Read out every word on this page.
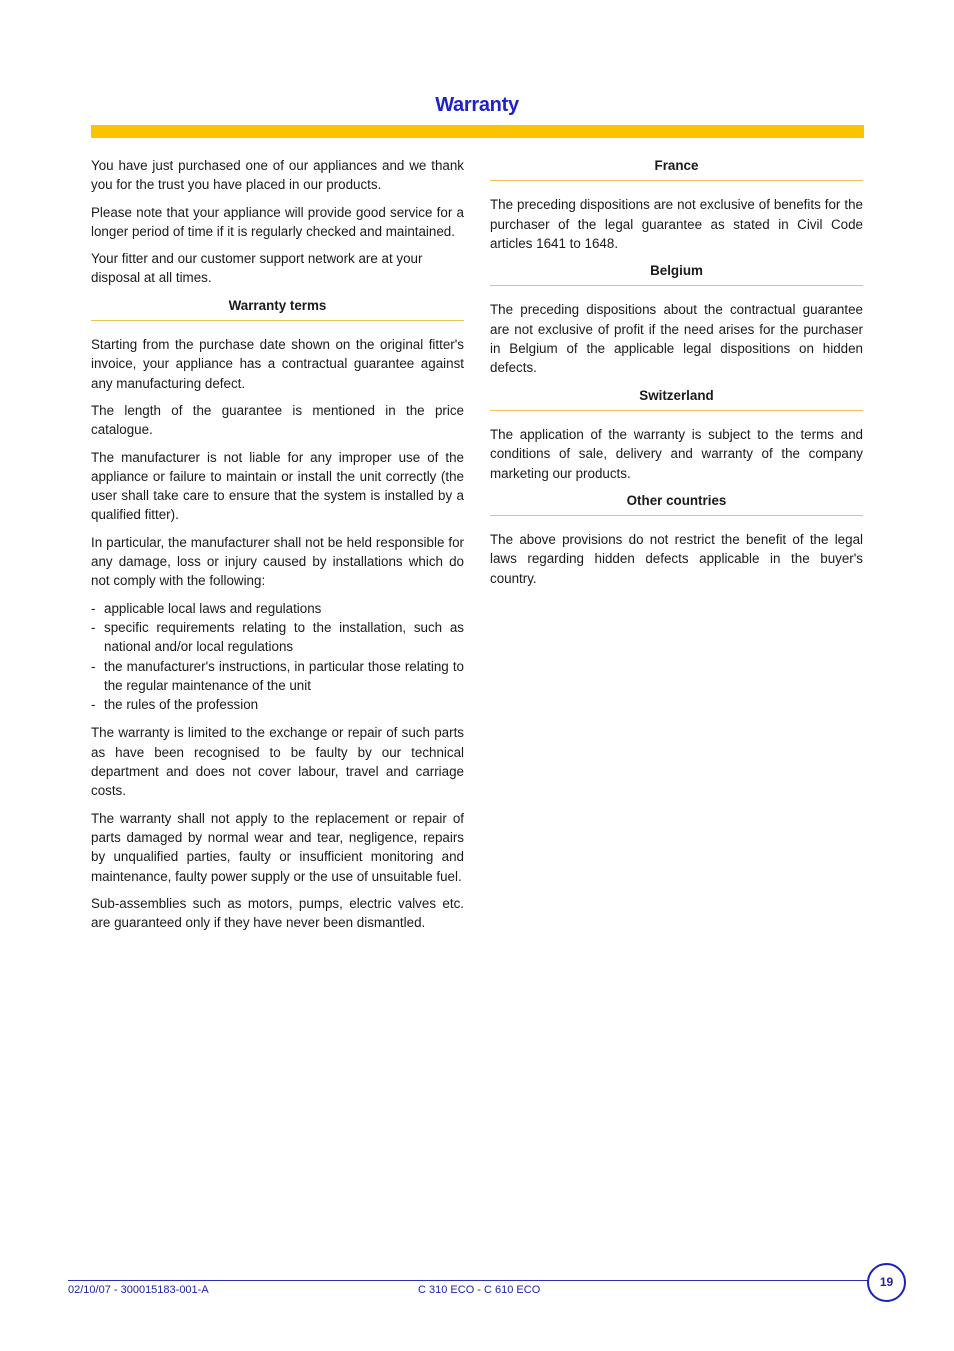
Warranty

You have just purchased one of our appliances and we thank you for the trust you have placed in our products.

Please note that your appliance will provide good service for a longer period of time if it is regularly checked and maintained.

Your fitter and our customer support network are at your disposal at all times.

Warranty terms

Starting from the purchase date shown on the original fitter's invoice, your appliance has a contractual guarantee against any manufacturing defect.

The length of the guarantee is mentioned in the price catalogue.

The manufacturer is not liable for any improper use of the appliance or failure to maintain or install the unit correctly (the user shall take care to ensure that the system is installed by a qualified fitter).

In particular, the manufacturer shall not be held responsible for any damage, loss or injury caused by installations which do not comply with the following:

- applicable local laws and regulations
- specific requirements relating to the installation, such as national and/or local regulations
- the manufacturer's instructions, in particular those relating to the regular maintenance of the unit
- the rules of the profession

The warranty is limited to the exchange or repair of such parts as have been recognised to be faulty by our technical department and does not cover labour, travel and carriage costs.

The warranty shall not apply to the replacement or repair of parts damaged by normal wear and tear, negligence, repairs by unqualified parties, faulty or insufficient monitoring and maintenance, faulty power supply or the use of unsuitable fuel.

Sub-assemblies such as motors, pumps, electric valves etc. are guaranteed only if they have never been dismantled.

France

The preceding dispositions are not exclusive of benefits for the purchaser of the legal guarantee as stated in Civil Code articles 1641 to 1648.

Belgium

The preceding dispositions about the contractual guarantee are not exclusive of profit if the need arises for the purchaser in Belgium of the applicable legal dispositions on hidden defects.

Switzerland

The application of the warranty is subject to the terms and conditions of sale, delivery and warranty of the company marketing our products.

Other countries

The above provisions do not restrict the benefit of the legal laws regarding hidden defects applicable in the buyer's country.

02/10/07 - 300015183-001-A	C 310 ECO - C 610 ECO
19
